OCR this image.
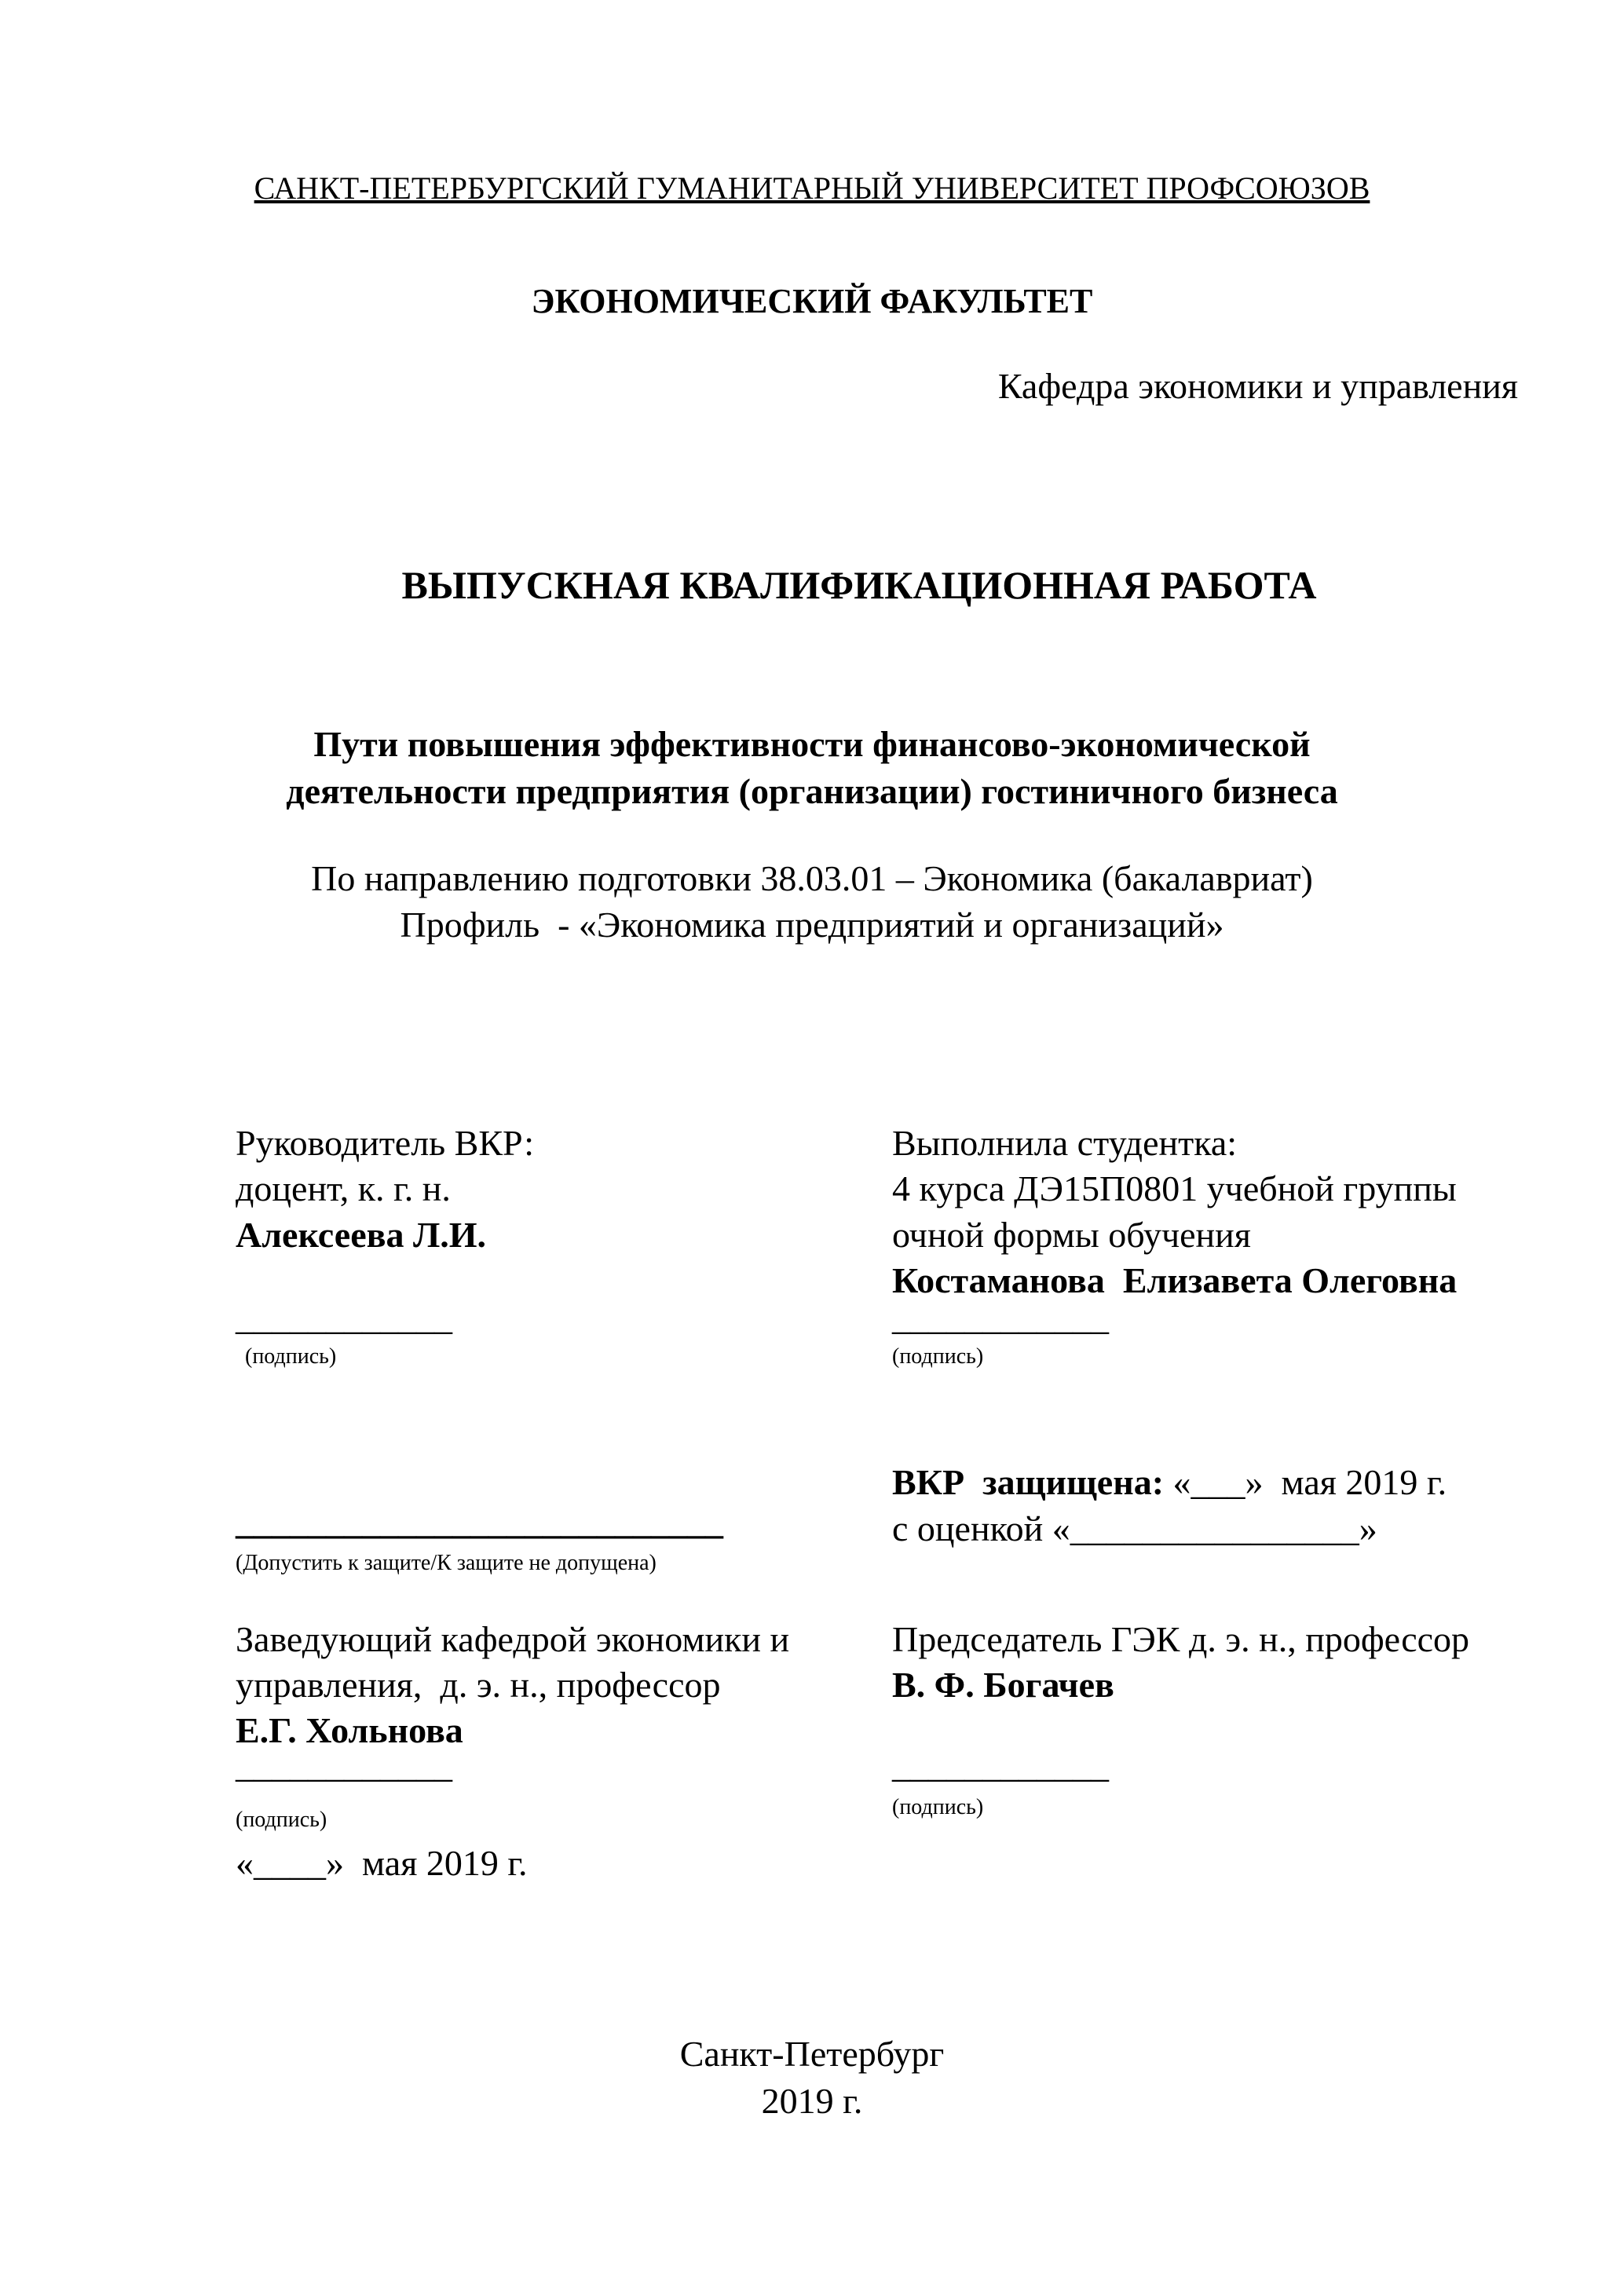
САНКТ-ПЕТЕРБУРГСКИЙ ГУМАНИТАРНЫЙ УНИВЕРСИТЕТ ПРОФСОЮЗОВ
ЭКОНОМИЧЕСКИЙ ФАКУЛЬТЕТ
Кафедра экономики и управления
ВЫПУСКНАЯ КВАЛИФИКАЦИОННАЯ РАБОТА
Пути повышения эффективности финансово-экономической
деятельности предприятия (организации) гостиничного бизнеса
По направлению подготовки 38.03.01 – Экономика (бакалавриат)
Профиль  - «Экономика предприятий и организаций»
Руководитель ВКР:
доцент, к. г. н.
Алексеева Л.И.
____________
(подпись)
___________________________
(Допустить к защите/К защите не допущена)
Заведующий кафедрой экономики и
управления,  д. э. н., профессор
Е.Г. Хольнова
____________
(подпись)
«____»  мая 2019 г.
Выполнила студентка:
4 курса ДЭ15П0801 учебной группы
очной формы обучения
Костаманова  Елизавета Олеговна
____________
(подпись)
ВКР  защищена: «___»  мая 2019 г.
с оценкой «________________»
Председатель ГЭК д. э. н., профессор
В. Ф. Богачев
____________
(подпись)
Санкт-Петербург
2019 г.
